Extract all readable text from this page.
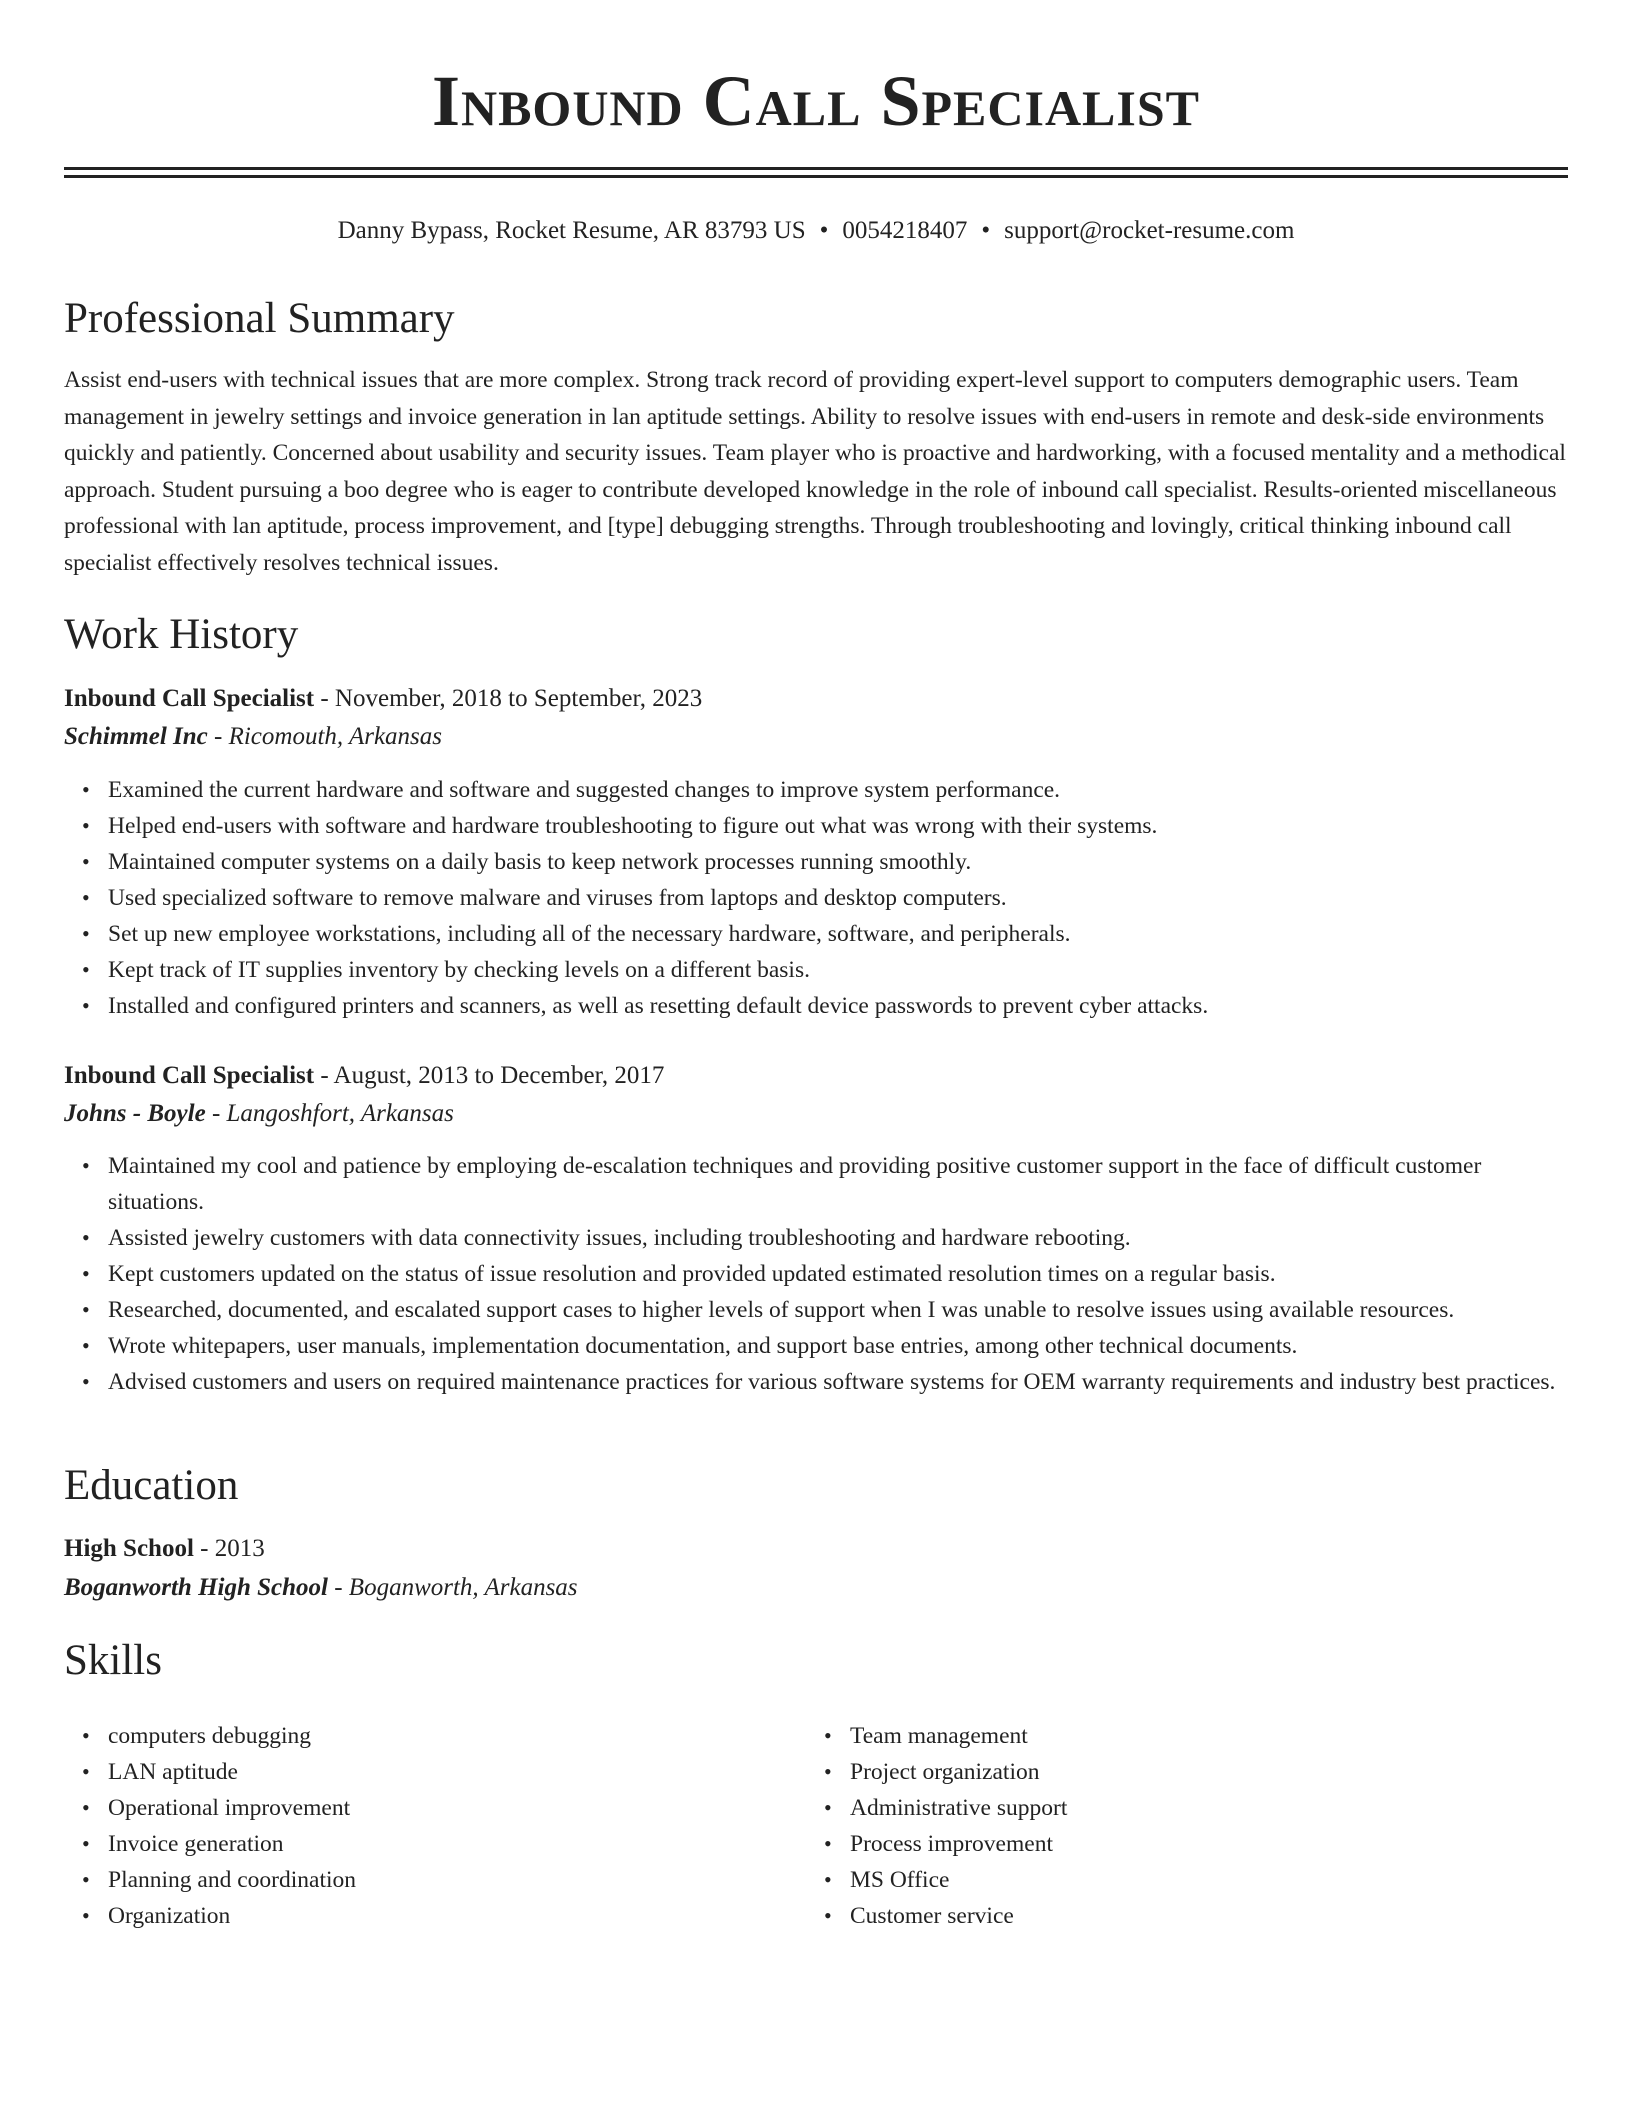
Inbound Call Specialist
Danny Bypass, Rocket Resume, AR 83793 US • 0054218407 • support@rocket-resume.com
Professional Summary

Assist end-users with technical issues that are more complex. Strong track record of providing expert-level support to computers demographic users. Team management in jewelry settings and invoice generation in lan aptitude settings. Ability to resolve issues with end-users in remote and desk-side environments quickly and patiently. Concerned about usability and security issues. Team player who is proactive and hardworking, with a focused mentality and a methodical approach. Student pursuing a boo degree who is eager to contribute developed knowledge in the role of inbound call specialist. Results-oriented miscellaneous professional with lan aptitude, process improvement, and [type] debugging strengths. Through troubleshooting and lovingly, critical thinking inbound call specialist effectively resolves technical issues.

Work History
Inbound Call Specialist - November, 2018 to September, 2023
Schimmel Inc - Ricomouth, Arkansas
• Examined the current hardware and software and suggested changes to improve system performance.
• Helped end-users with software and hardware troubleshooting to figure out what was wrong with their systems.
• Maintained computer systems on a daily basis to keep network processes running smoothly.
• Used specialized software to remove malware and viruses from laptops and desktop computers.
• Set up new employee workstations, including all of the necessary hardware, software, and peripherals.
• Kept track of IT supplies inventory by checking levels on a different basis.
• Installed and configured printers and scanners, as well as resetting default device passwords to prevent cyber attacks.
Inbound Call Specialist - August, 2013 to December, 2017
Johns - Boyle - Langoshfort, Arkansas
• Maintained my cool and patience by employing de-escalation techniques and providing positive customer support in the face of difficult customer situations.
• Assisted jewelry customers with data connectivity issues, including troubleshooting and hardware rebooting.
• Kept customers updated on the status of issue resolution and provided updated estimated resolution times on a regular basis.
• Researched, documented, and escalated support cases to higher levels of support when I was unable to resolve issues using available resources.
• Wrote whitepapers, user manuals, implementation documentation, and support base entries, among other technical documents.
• Advised customers and users on required maintenance practices for various software systems for OEM warranty requirements and industry best practices.
Education
High School - 2013
Boganworth High School - Boganworth, Arkansas
Skills
• computers debugging
• LAN aptitude
• Operational improvement
• Invoice generation
• Planning and coordination
• Organization
• Team management
• Project organization
• Administrative support
• Process improvement
• MS Office
• Customer service
